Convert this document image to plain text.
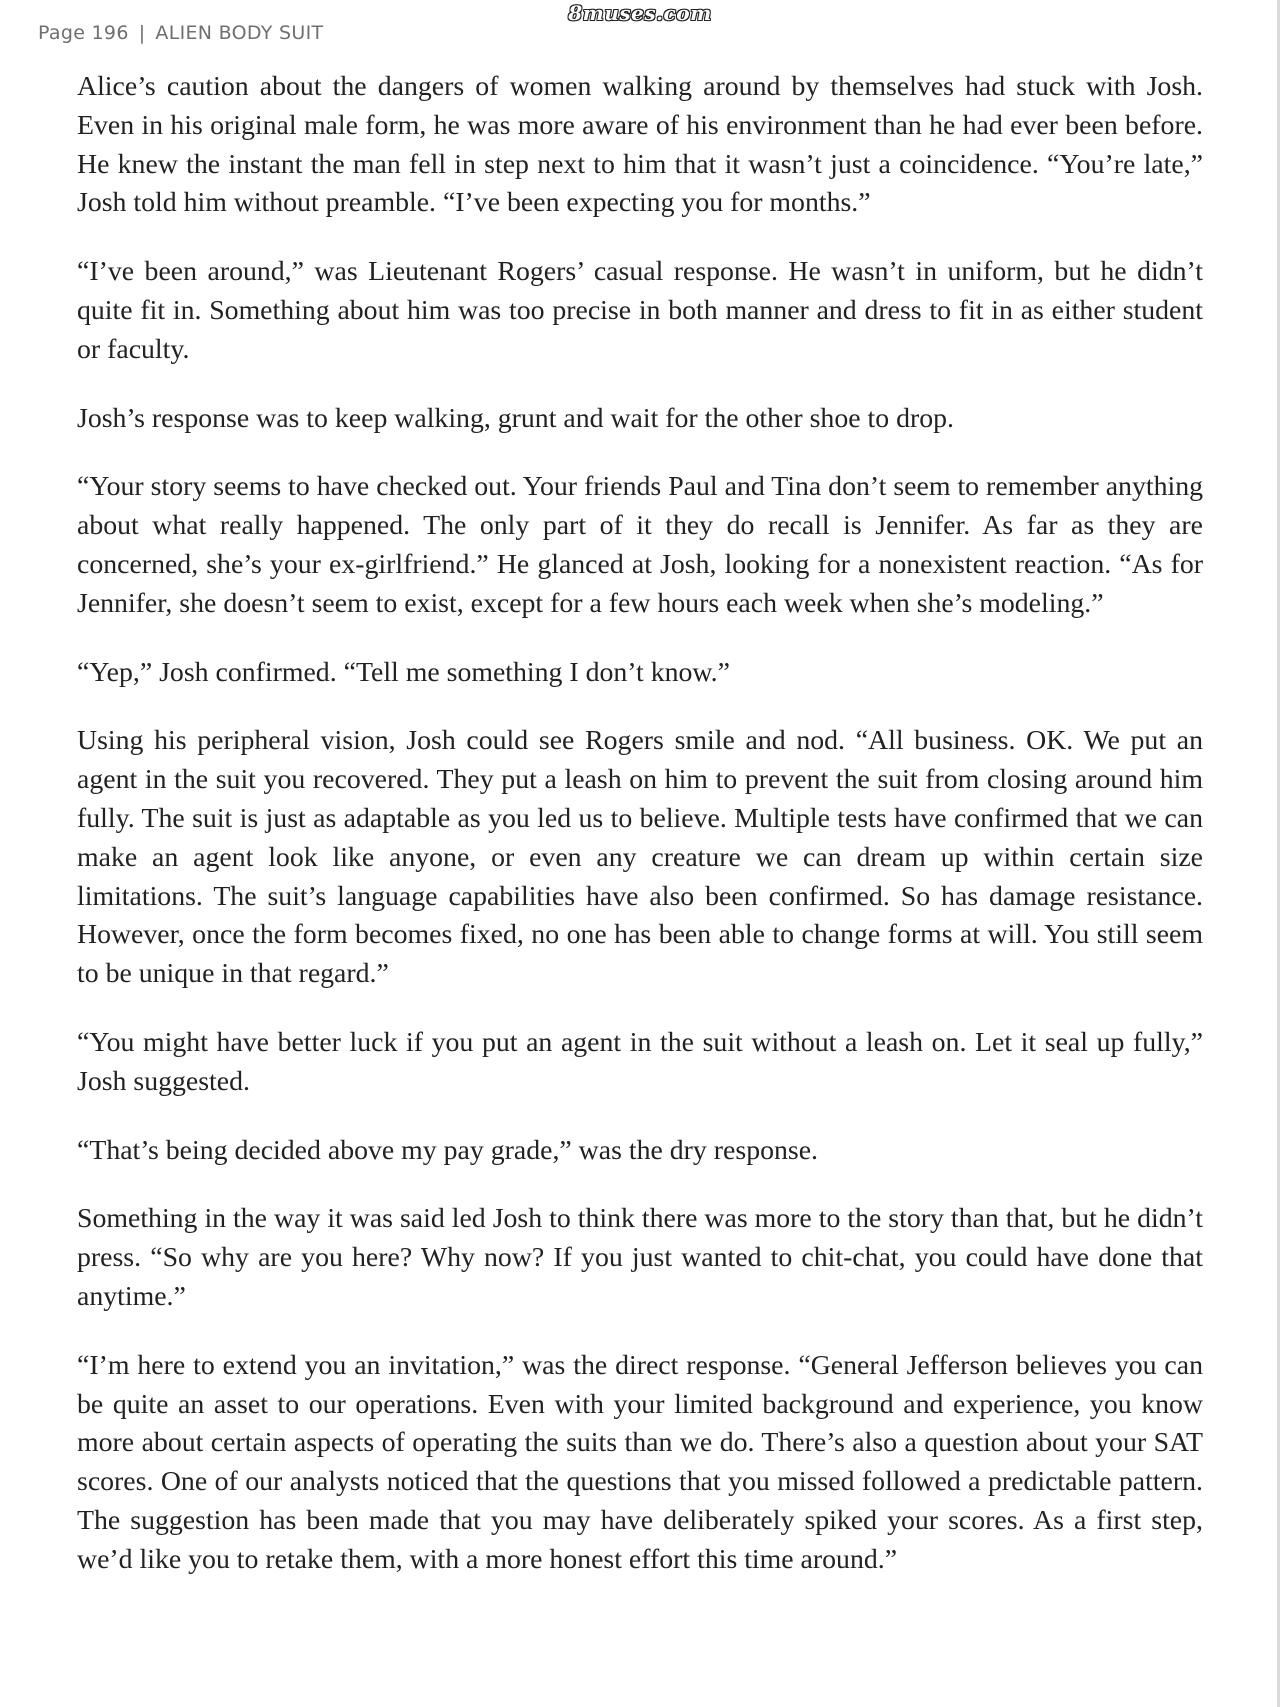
Page 196 | ALIEN BODY SUIT
8muses.com

Alice’s caution about the dangers of women walking around by themselves had stuck with Josh. Even in his original male form, he was more aware of his environment than he had ever been before. He knew the instant the man fell in step next to him that it wasn’t just a coincidence. “You’re late,” Josh told him without preamble. “I’ve been expecting you for months.”

“I’ve been around,” was Lieutenant Rogers’ casual response. He wasn’t in uniform, but he didn’t quite fit in. Something about him was too precise in both manner and dress to fit in as either student or faculty.

Josh’s response was to keep walking, grunt and wait for the other shoe to drop.

“Your story seems to have checked out. Your friends Paul and Tina don’t seem to remember anything about what really happened. The only part of it they do recall is Jennifer. As far as they are concerned, she’s your ex-girlfriend.” He glanced at Josh, looking for a nonexistent reaction. “As for Jennifer, she doesn’t seem to exist, except for a few hours each week when she’s modeling.”

“Yep,” Josh confirmed. “Tell me something I don’t know.”

Using his peripheral vision, Josh could see Rogers smile and nod. “All business. OK. We put an agent in the suit you recovered. They put a leash on him to prevent the suit from closing around him fully. The suit is just as adaptable as you led us to believe. Multiple tests have confirmed that we can make an agent look like anyone, or even any creature we can dream up within certain size limitations. The suit’s language capabilities have also been confirmed. So has damage resistance. However, once the form becomes fixed, no one has been able to change forms at will. You still seem to be unique in that regard.”

“You might have better luck if you put an agent in the suit without a leash on. Let it seal up fully,” Josh suggested.

“That’s being decided above my pay grade,” was the dry response.

Something in the way it was said led Josh to think there was more to the story than that, but he didn’t press. “So why are you here? Why now? If you just wanted to chit-chat, you could have done that anytime.”

“I’m here to extend you an invitation,” was the direct response. “General Jefferson believes you can be quite an asset to our operations. Even with your limited background and experience, you know more about certain aspects of operating the suits than we do. There’s also a question about your SAT scores. One of our analysts noticed that the questions that you missed followed a predictable pattern. The suggestion has been made that you may have deliberately spiked your scores. As a first step, we’d like you to retake them, with a more honest effort this time around.”
